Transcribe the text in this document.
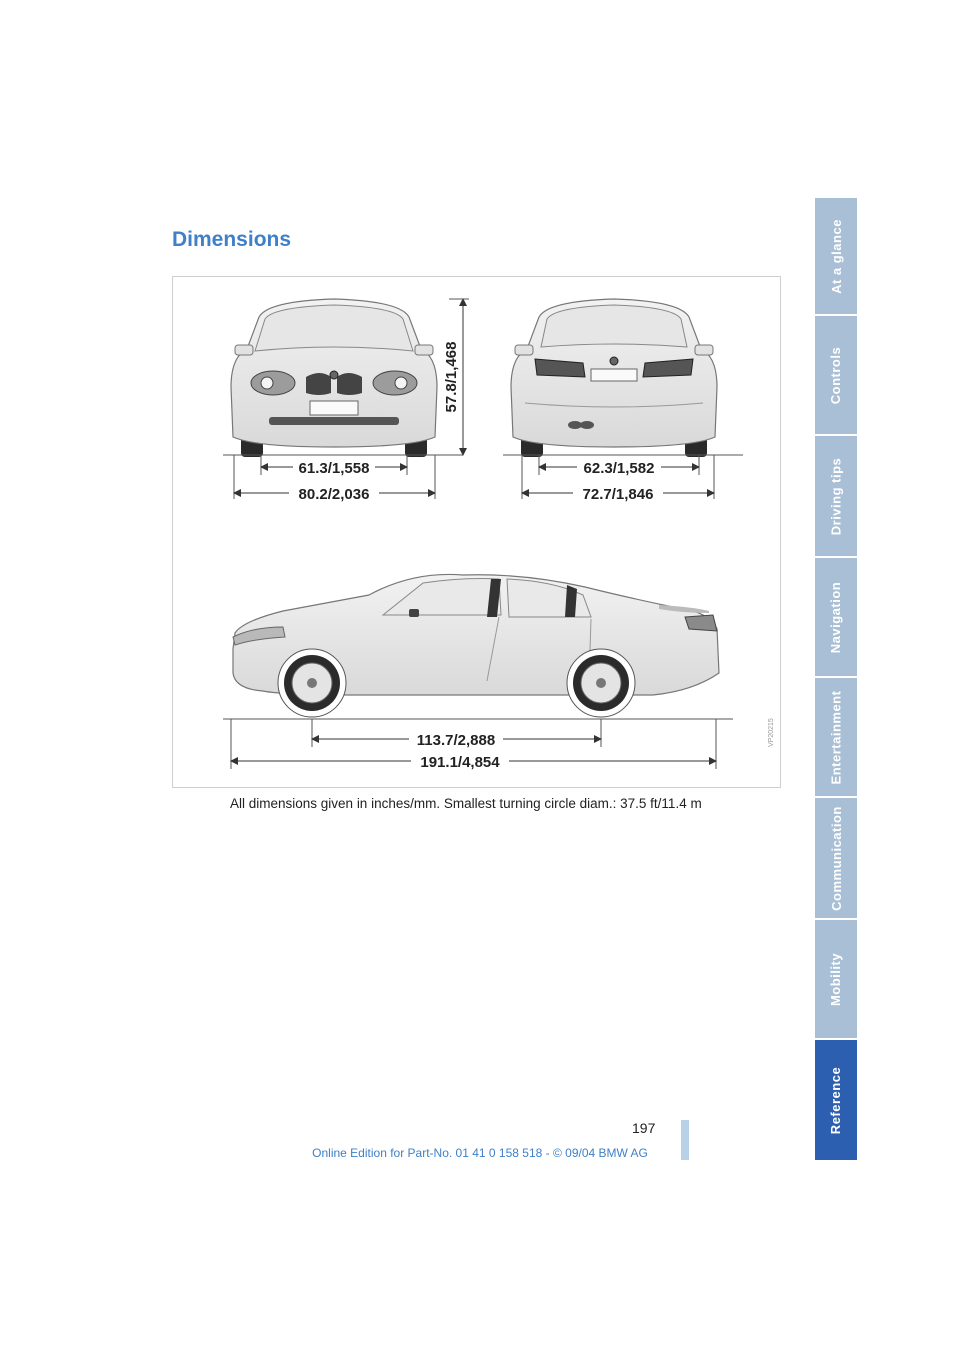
Dimensions
57.8/1,468
61.3/1,558
80.2/2,036
62.3/1,582
72.7/1,846
113.7/2,888
191.1/4,854
VP20215
All dimensions given in inches/mm. Smallest turning circle diam.: 37.5 ft/11.4 m
At a glance
Controls
Driving tips
Navigation
Entertainment
Communication
Mobility
Reference
197
Online Edition for Part-No. 01 41 0 158 518 - © 09/04 BMW AG
